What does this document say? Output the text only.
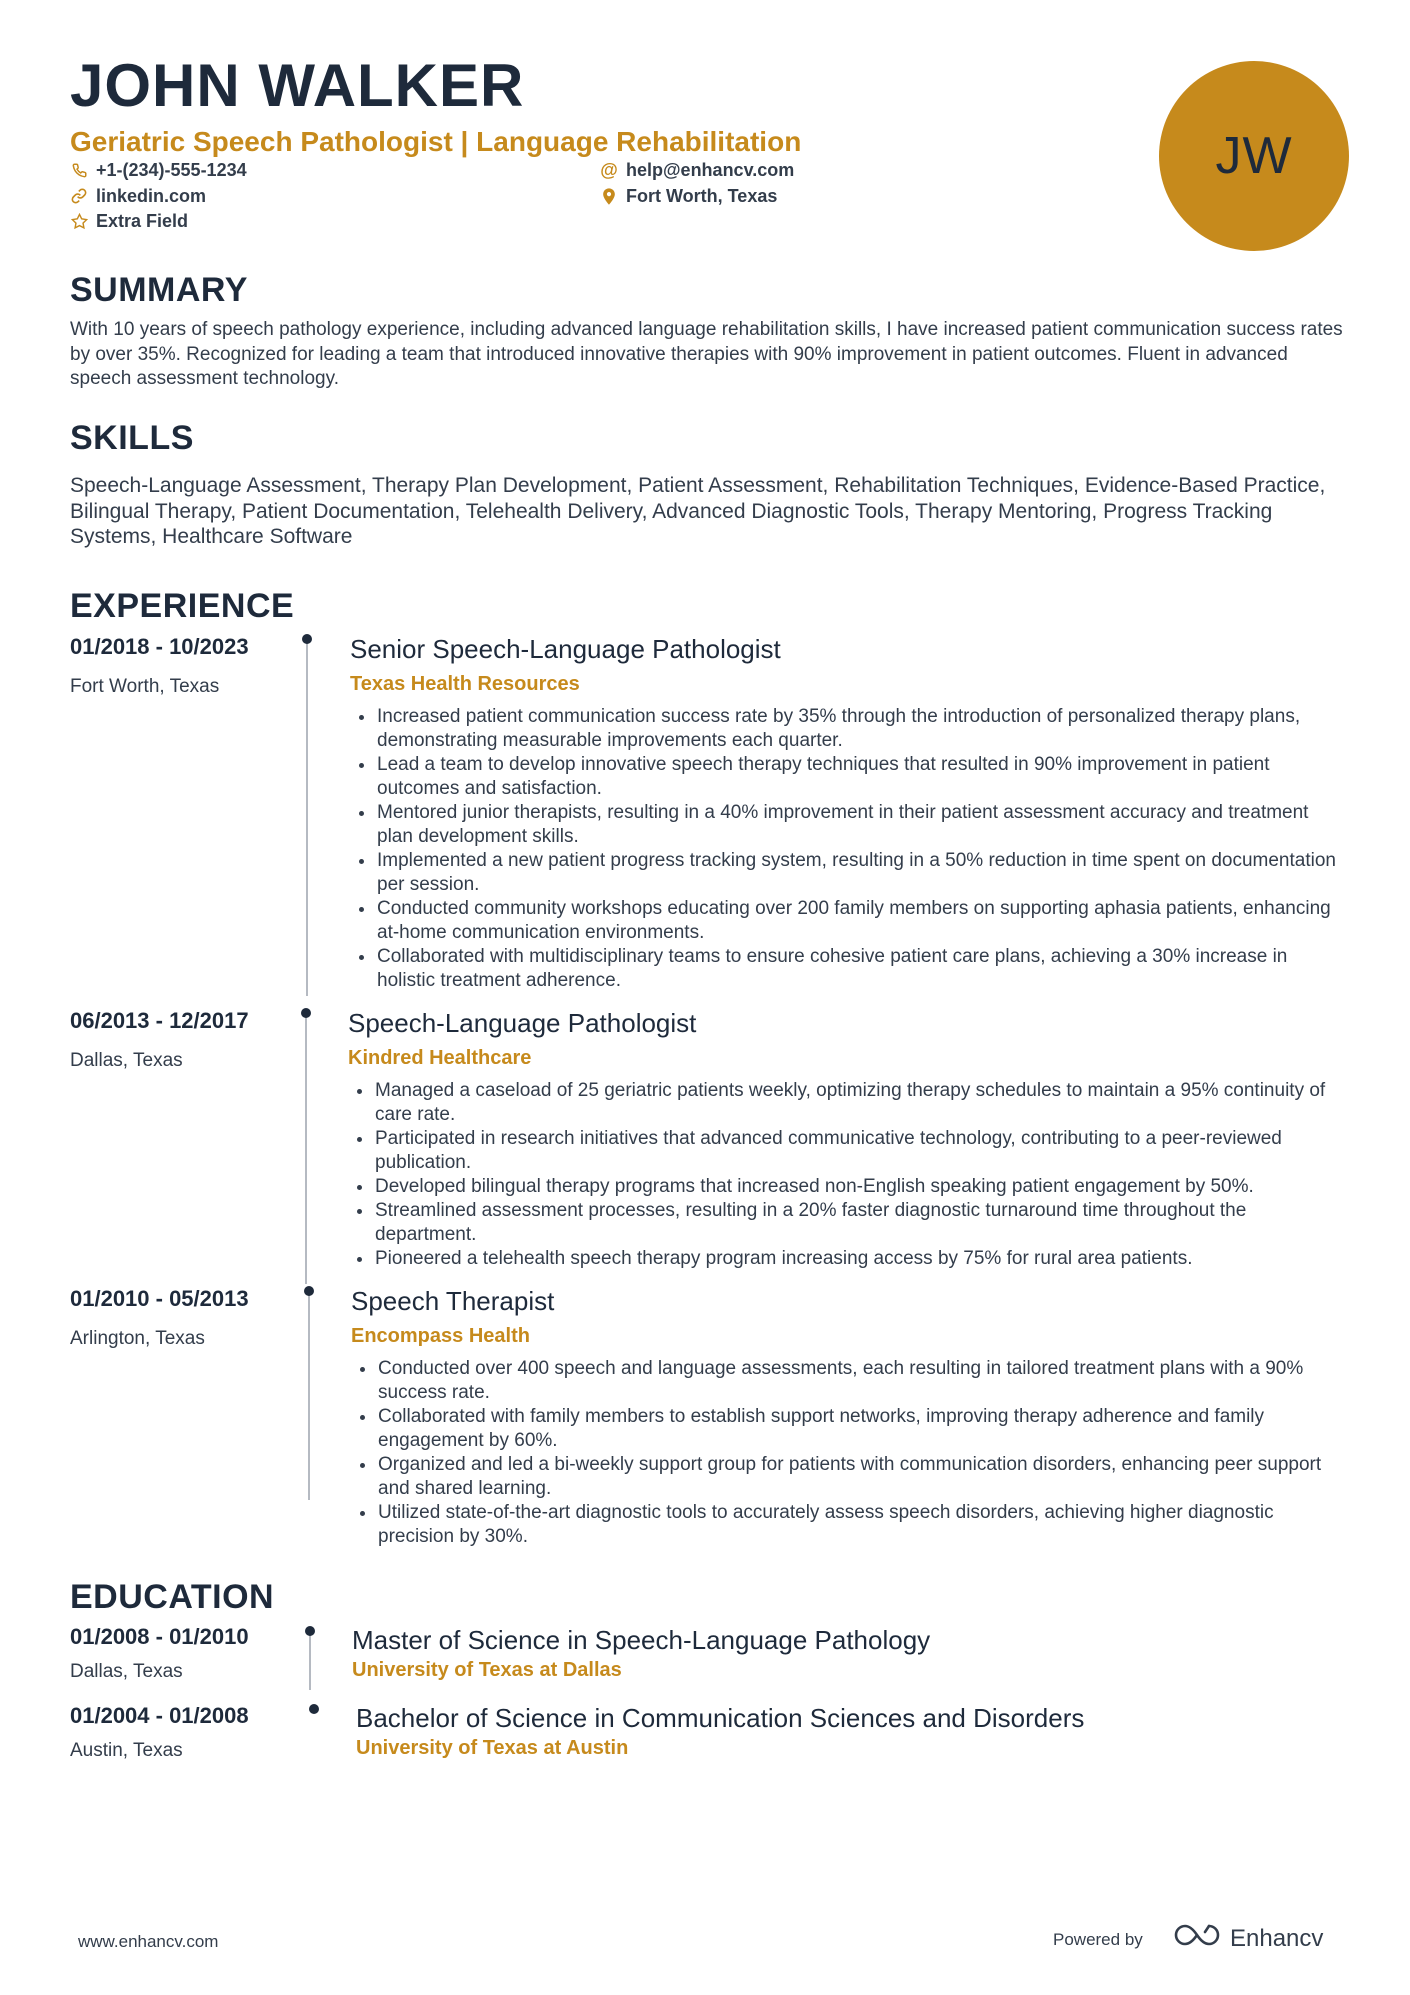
JOHN WALKER
Geriatric Speech Pathologist | Language Rehabilitation
+1-(234)-555-1234	@ help@enhancv.com
linkedin.com	Fort Worth, Texas
Extra Field
JW
SUMMARY
With 10 years of speech pathology experience, including advanced language rehabilitation skills, I have increased patient communication success rates by over 35%. Recognized for leading a team that introduced innovative therapies with 90% improvement in patient outcomes. Fluent in advanced speech assessment technology.
SKILLS
Speech-Language Assessment, Therapy Plan Development, Patient Assessment, Rehabilitation Techniques, Evidence-Based Practice, Bilingual Therapy, Patient Documentation, Telehealth Delivery, Advanced Diagnostic Tools, Therapy Mentoring, Progress Tracking Systems, Healthcare Software
EXPERIENCE
01/2018 - 10/2023
Fort Worth, Texas
Senior Speech-Language Pathologist
Texas Health Resources
Increased patient communication success rate by 35% through the introduction of personalized therapy plans, demonstrating measurable improvements each quarter.
Lead a team to develop innovative speech therapy techniques that resulted in 90% improvement in patient outcomes and satisfaction.
Mentored junior therapists, resulting in a 40% improvement in their patient assessment accuracy and treatment plan development skills.
Implemented a new patient progress tracking system, resulting in a 50% reduction in time spent on documentation per session.
Conducted community workshops educating over 200 family members on supporting aphasia patients, enhancing at-home communication environments.
Collaborated with multidisciplinary teams to ensure cohesive patient care plans, achieving a 30% increase in holistic treatment adherence.
06/2013 - 12/2017
Dallas, Texas
Speech-Language Pathologist
Kindred Healthcare
Managed a caseload of 25 geriatric patients weekly, optimizing therapy schedules to maintain a 95% continuity of care rate.
Participated in research initiatives that advanced communicative technology, contributing to a peer-reviewed publication.
Developed bilingual therapy programs that increased non-English speaking patient engagement by 50%.
Streamlined assessment processes, resulting in a 20% faster diagnostic turnaround time throughout the department.
Pioneered a telehealth speech therapy program increasing access by 75% for rural area patients.
01/2010 - 05/2013
Arlington, Texas
Speech Therapist
Encompass Health
Conducted over 400 speech and language assessments, each resulting in tailored treatment plans with a 90% success rate.
Collaborated with family members to establish support networks, improving therapy adherence and family engagement by 60%.
Organized and led a bi-weekly support group for patients with communication disorders, enhancing peer support and shared learning.
Utilized state-of-the-art diagnostic tools to accurately assess speech disorders, achieving higher diagnostic precision by 30%.
EDUCATION
01/2008 - 01/2010
Dallas, Texas
Master of Science in Speech-Language Pathology
University of Texas at Dallas
01/2004 - 01/2008
Austin, Texas
Bachelor of Science in Communication Sciences and Disorders
University of Texas at Austin
www.enhancv.com	Powered by	Enhancv
